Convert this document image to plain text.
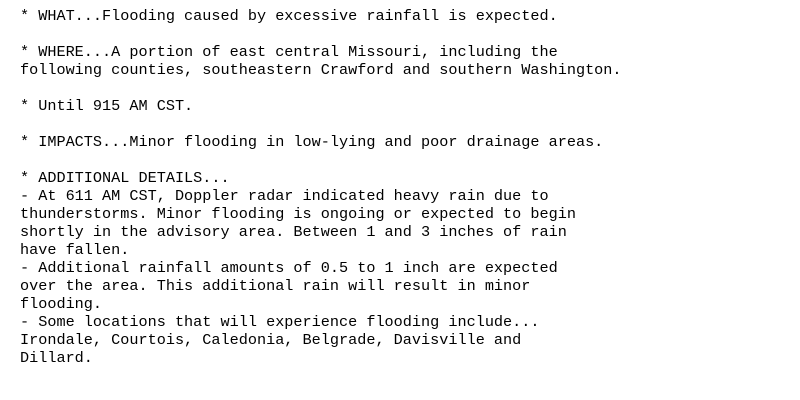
* WHAT...Flooding caused by excessive rainfall is expected.
* WHERE...A portion of east central Missouri, including the
following counties, southeastern Crawford and southern Washington.
* Until 915 AM CST.
* IMPACTS...Minor flooding in low-lying and poor drainage areas.
* ADDITIONAL DETAILS...
- At 611 AM CST, Doppler radar indicated heavy rain due to
thunderstorms. Minor flooding is ongoing or expected to begin
shortly in the advisory area. Between 1 and 3 inches of rain
have fallen.
- Additional rainfall amounts of 0.5 to 1 inch are expected
over the area. This additional rain will result in minor
flooding.
- Some locations that will experience flooding include...
Irondale, Courtois, Caledonia, Belgrade, Davisville and
Dillard.
